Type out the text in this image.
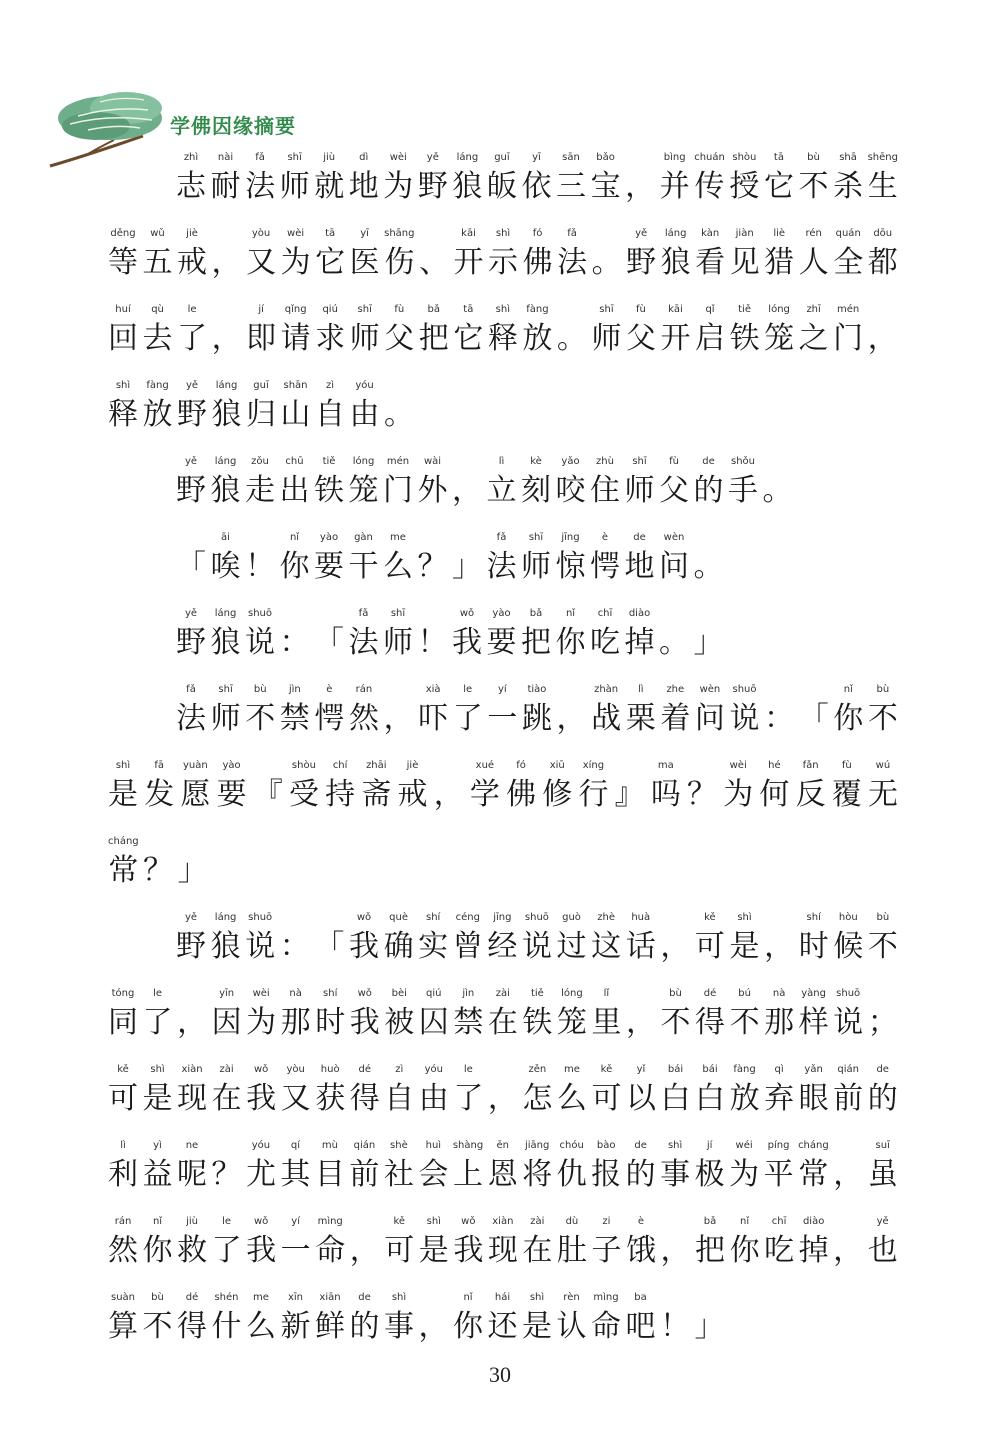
学佛因缘摘要
志zhì
耐nài
法fǎ
师shī
就jiù
地dì
为wèi
野yě
狼láng
皈guī
依yī
三sān
宝bǎo
， 并bìng
传chuán
授shòu
它tā
不bù
杀shā
生shēng
等děng
五wǔ
戒jiè
， 又yòu
为wèi
它tā
医yī
伤shāng
、 开kāi
示shì
佛fó
法fǎ
。 野yě
狼láng
看kàn
见jiàn
猎liè
人rén
全quán
都dōu
回huí
去qù
了le
， 即jí
请qǐng
求qiú
师shī
父fù
把bǎ
它tā
释shì
放fàng
。 师shī
父fù
开kāi
启qǐ
铁tiě
笼lóng
之zhī
门mén
，
释shì
放fàng
野yě
狼láng
归guī
山shān
自zì
由yóu
。
野yě
狼láng
走zǒu
出chū
铁tiě
笼lóng
门mén
外wài
， 立lì
刻kè
咬yǎo
住zhù
师shī
父fù
的de
手shǒu
。
「 唉āi
！ 你nǐ
要yào
干gàn
么me
？ 」 法fǎ
师shī
惊jīng
愕è
地de
问wèn
。
野yě
狼láng
说shuō
： 「 法fǎ
师shī
！ 我wǒ
要yào
把bǎ
你nǐ
吃chī
掉diào
。 」
法fǎ
师shī
不bù
禁jìn
愕è
然rán
， 吓xià
了le
一yí
跳tiào
， 战zhàn
栗lì
着zhe
问wèn
说shuō
： 「 你nǐ
不bù
是shì
发fā
愿yuàn
要yào
『 受shòu
持chí
斋zhāi
戒jiè
， 学xué
佛fó
修xiū
行xíng
』 吗ma
？ 为wèi
何hé
反fǎn
覆fù
无wú
常cháng
？ 」
野yě
狼láng
说shuō
： 「 我wǒ
确què
实shí
曾céng
经jīng
说shuō
过guò
这zhè
话huà
， 可kě
是shì
， 时shí
候hòu
不bù
同tóng
了le
， 因yīn
为wèi
那nà
时shí
我wǒ
被bèi
囚qiú
禁jìn
在zài
铁tiě
笼lóng
里lǐ
， 不bù
得dé
不bú
那nà
样yàng
说shuō
；
可kě
是shì
现xiàn
在zài
我wǒ
又yòu
获huò
得dé
自zì
由yóu
了le
， 怎zěn
么me
可kě
以yǐ
白bái
白bái
放fàng
弃qì
眼yǎn
前qián
的de
利lì
益yì
呢ne
？ 尤yóu
其qí
目mù
前qián
社shè
会huì
上shàng
恩ēn
将jiāng
仇chóu
报bào
的de
事shì
极jí
为wéi
平píng
常cháng
， 虽suī
然rán
你nǐ
救jiù
了le
我wǒ
一yí
命mìng
， 可kě
是shì
我wǒ
现xiàn
在zài
肚dù
子zi
饿è
， 把bǎ
你nǐ
吃chī
掉diào
， 也yě
算suàn
不bù
得dé
什shén
么me
新xīn
鲜xiān
的de
事shì
， 你nǐ
还hái
是shì
认rèn
命mìng
吧ba
！ 」
30
